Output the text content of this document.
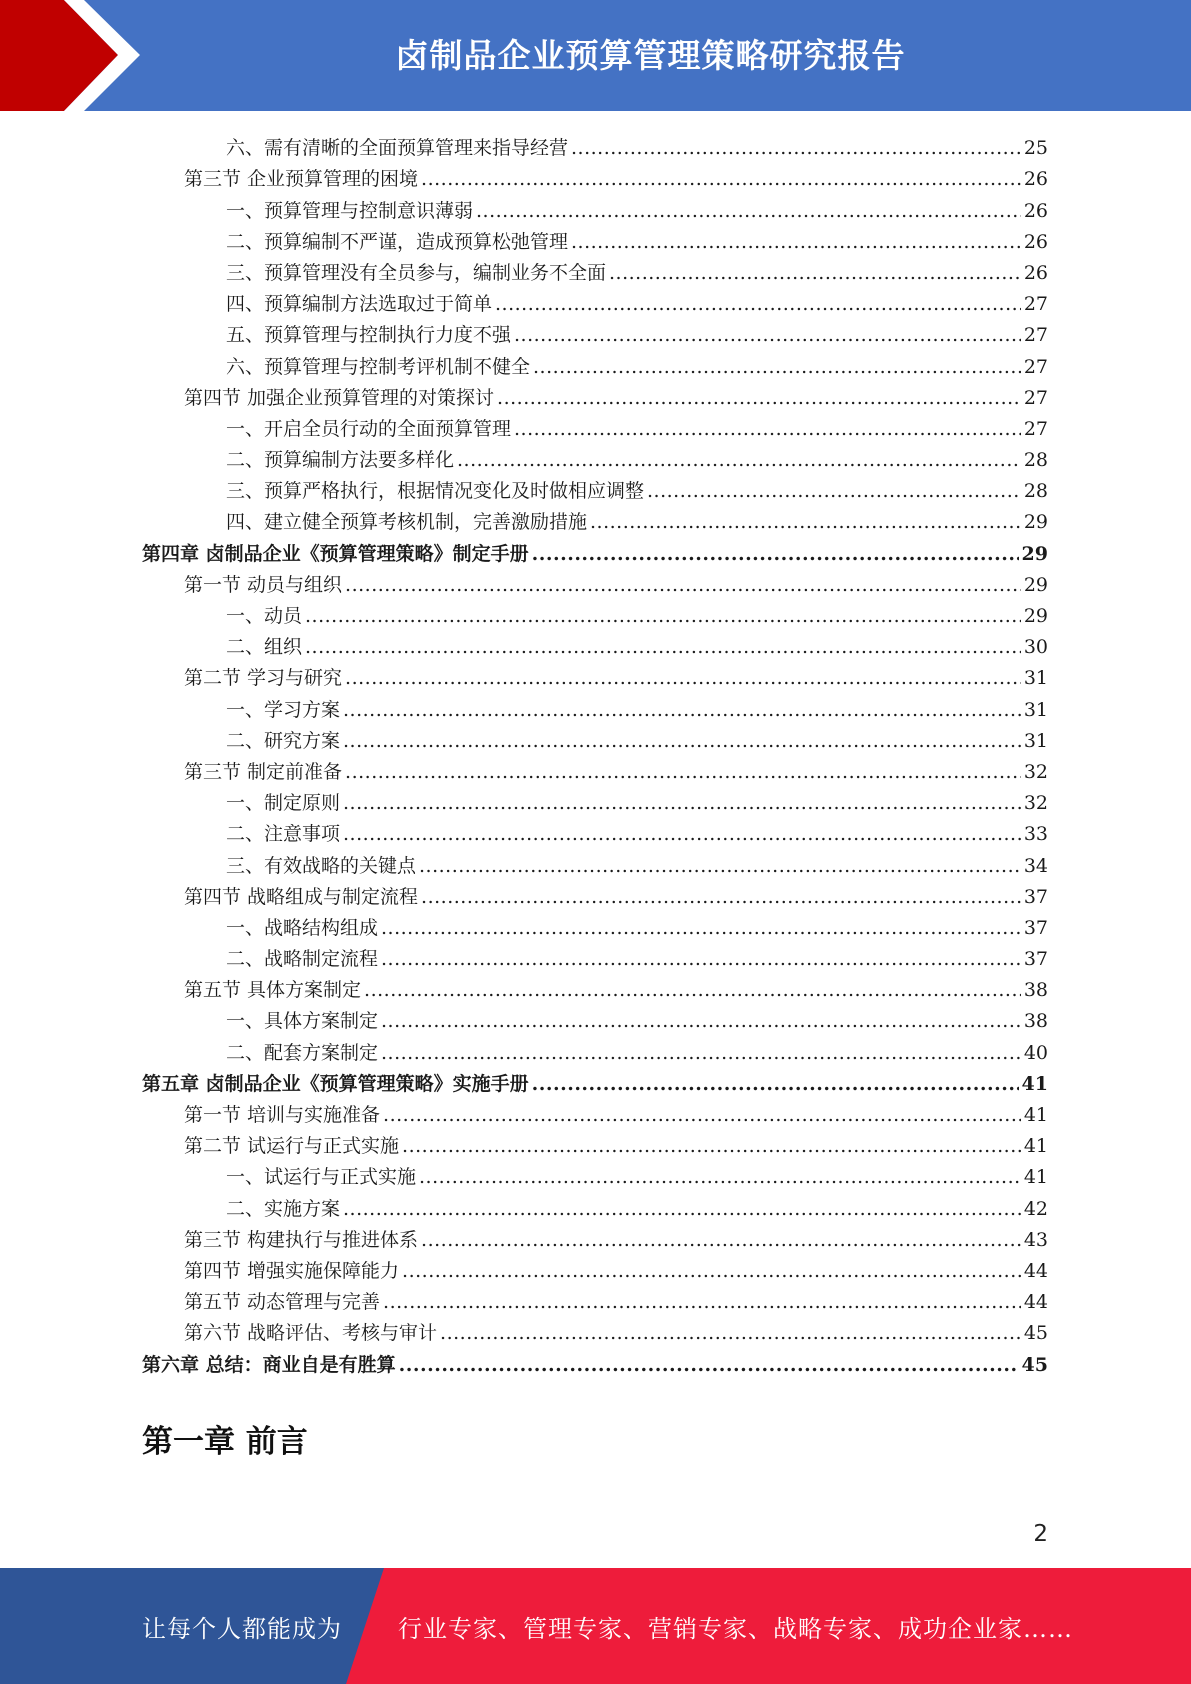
卤制品企业预算管理策略研究报告
六、需有清晰的全面预算管理来指导经营 .....	25
第三节 企业预算管理的困境 .....	26
一、预算管理与控制意识薄弱 .....	26
二、预算编制不严谨，造成预算松弛管理 .....	26
三、预算管理没有全员参与，编制业务不全面 .....	26
四、预算编制方法选取过于简单 .....	27
五、预算管理与控制执行力度不强 .....	27
六、预算管理与控制考评机制不健全 .....	27
第四节 加强企业预算管理的对策探讨 .....	27
一、开启全员行动的全面预算管理 .....	27
二、预算编制方法要多样化 .....	28
三、预算严格执行，根据情况变化及时做相应调整 .....	28
四、建立健全预算考核机制，完善激励措施 .....	29
第四章 卤制品企业《预算管理策略》制定手册 .....	29
第一节 动员与组织 .....	29
一、动员 .....	29
二、组织 .....	30
第二节 学习与研究 .....	31
一、学习方案 .....	31
二、研究方案 .....	31
第三节 制定前准备 .....	32
一、制定原则 .....	32
二、注意事项 .....	33
三、有效战略的关键点 .....	34
第四节 战略组成与制定流程 .....	37
一、战略结构组成 .....	37
二、战略制定流程 .....	37
第五节 具体方案制定 .....	38
一、具体方案制定 .....	38
二、配套方案制定 .....	40
第五章 卤制品企业《预算管理策略》实施手册 .....	41
第一节 培训与实施准备 .....	41
第二节 试运行与正式实施 .....	41
一、试运行与正式实施 .....	41
二、实施方案 .....	42
第三节 构建执行与推进体系 .....	43
第四节 增强实施保障能力 .....	44
第五节 动态管理与完善 .....	44
第六节 战略评估、考核与审计 .....	45
第六章 总结：商业自是有胜算 .....	45
第一章 前言
2
让每个人都能成为 行业专家、管理专家、营销专家、战略专家、成功企业家……
